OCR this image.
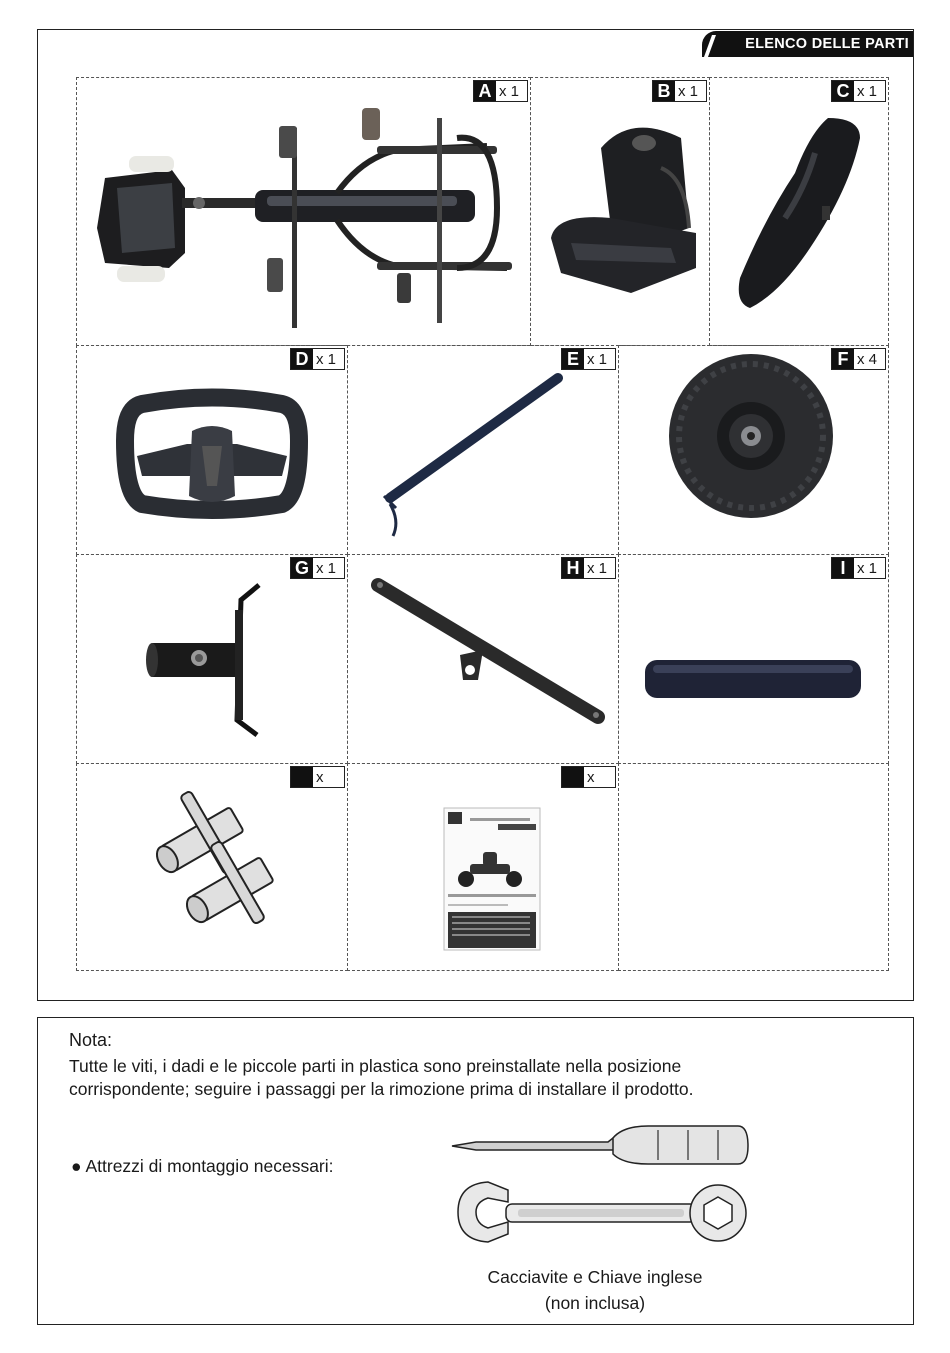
ELENCO DELLE PARTI
A x 1	B x 1	C x 1
D x 1	E x 1	F x 4
G x 1	H x 1	I x 1
x	x
Nota:
Tutte le viti, i dadi e le piccole parti in plastica sono preinstallate nella posizione
corrispondente; seguire i passaggi per la rimozione prima di installare il prodotto.
● Attrezzi di montaggio necessari:
Cacciavite e Chiave inglese
(non inclusa)
